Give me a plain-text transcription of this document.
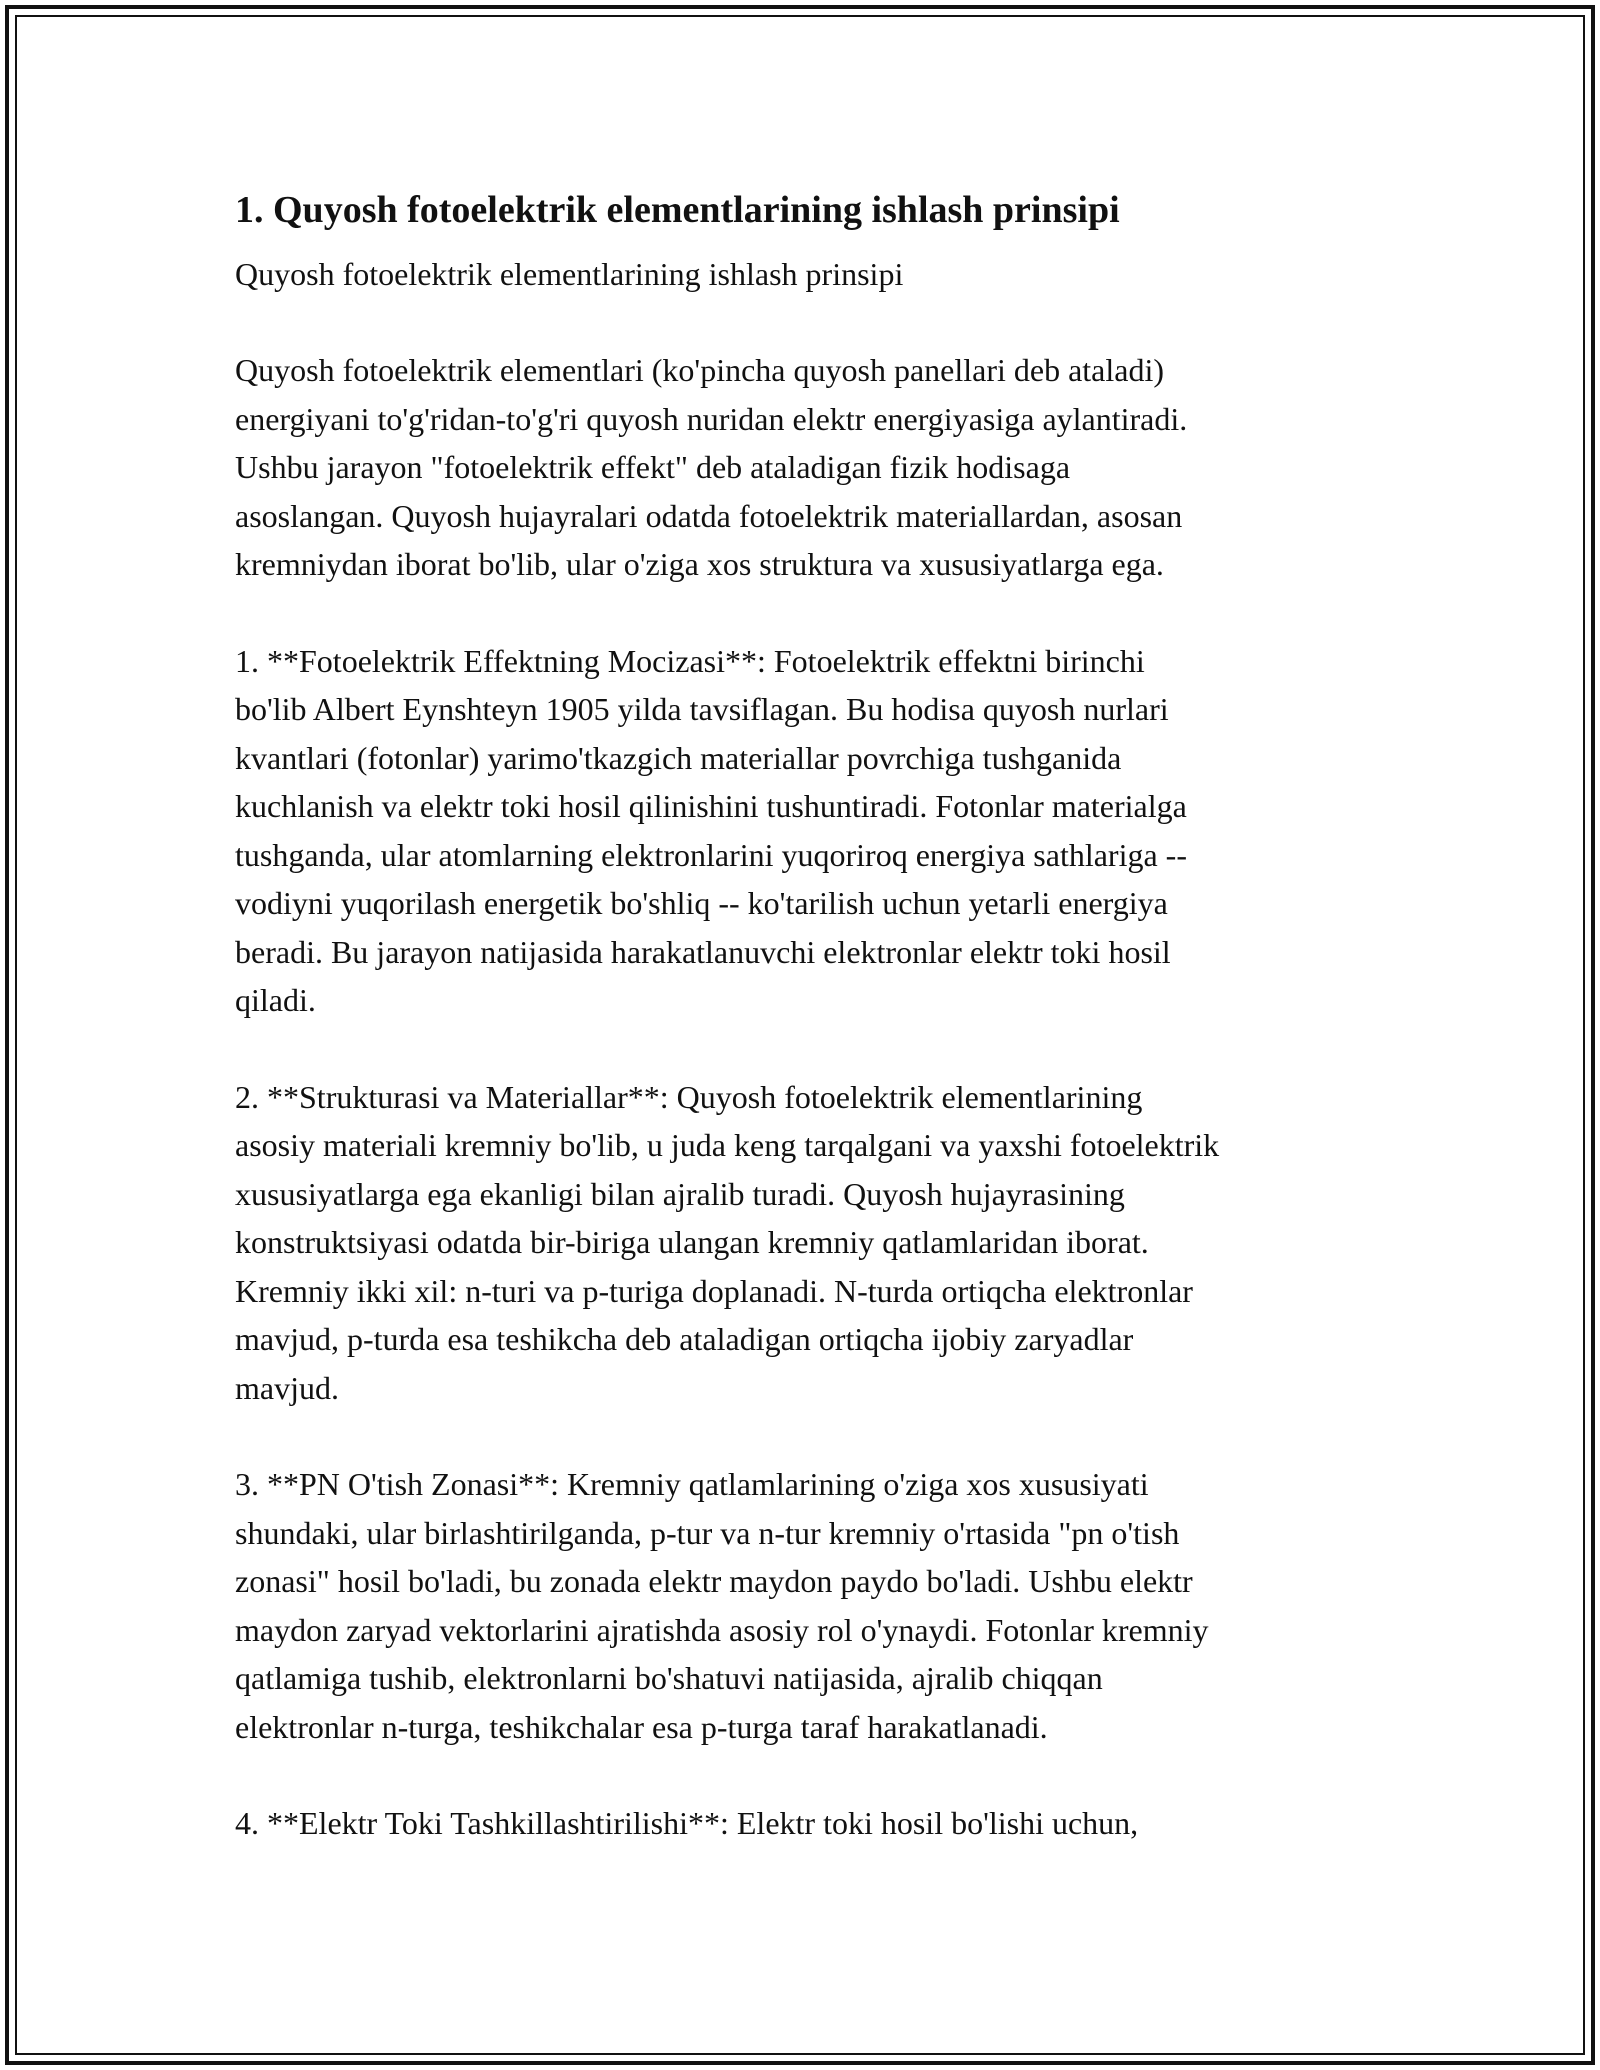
1. Quyosh fotoelektrik elementlarining ishlash prinsipi

Quyosh fotoelektrik elementlarining ishlash prinsipi

Quyosh fotoelektrik elementlari (ko'pincha quyosh panellari deb ataladi)
energiyani to'g'ridan-to'g'ri quyosh nuridan elektr energiyasiga aylantiradi.
Ushbu jarayon "fotoelektrik effekt" deb ataladigan fizik hodisaga
asoslangan. Quyosh hujayralari odatda fotoelektrik materiallardan, asosan
kremniydan iborat bo'lib, ular o'ziga xos struktura va xususiyatlarga ega.

1. **Fotoelektrik Effektning Mocizasi**: Fotoelektrik effektni birinchi
bo'lib Albert Eynshteyn 1905 yilda tavsiflagan. Bu hodisa quyosh nurlari
kvantlari (fotonlar) yarimo'tkazgich materiallar povrchiga tushganida
kuchlanish va elektr toki hosil qilinishini tushuntiradi. Fotonlar materialga
tushganda, ular atomlarning elektronlarini yuqoriroq energiya sathlariga --
vodiyni yuqorilash energetik bo'shliq -- ko'tarilish uchun yetarli energiya
beradi. Bu jarayon natijasida harakatlanuvchi elektronlar elektr toki hosil
qiladi.

2. **Strukturasi va Materiallar**: Quyosh fotoelektrik elementlarining
asosiy materiali kremniy bo'lib, u juda keng tarqalgani va yaxshi fotoelektrik
xususiyatlarga ega ekanligi bilan ajralib turadi. Quyosh hujayrasining
konstruktsiyasi odatda bir-biriga ulangan kremniy qatlamlaridan iborat.
Kremniy ikki xil: n-turi va p-turiga doplanadi. N-turda ortiqcha elektronlar
mavjud, p-turda esa teshikcha deb ataladigan ortiqcha ijobiy zaryadlar
mavjud.

3. **PN O'tish Zonasi**: Kremniy qatlamlarining o'ziga xos xususiyati
shundaki, ular birlashtirilganda, p-tur va n-tur kremniy o'rtasida "pn o'tish
zonasi" hosil bo'ladi, bu zonada elektr maydon paydo bo'ladi. Ushbu elektr
maydon zaryad vektorlarini ajratishda asosiy rol o'ynaydi. Fotonlar kremniy
qatlamiga tushib, elektronlarni bo'shatuvi natijasida, ajralib chiqqan
elektronlar n-turga, teshikchalar esa p-turga taraf harakatlanadi.

4. **Elektr Toki Tashkillashtirilishi**: Elektr toki hosil bo'lishi uchun,
